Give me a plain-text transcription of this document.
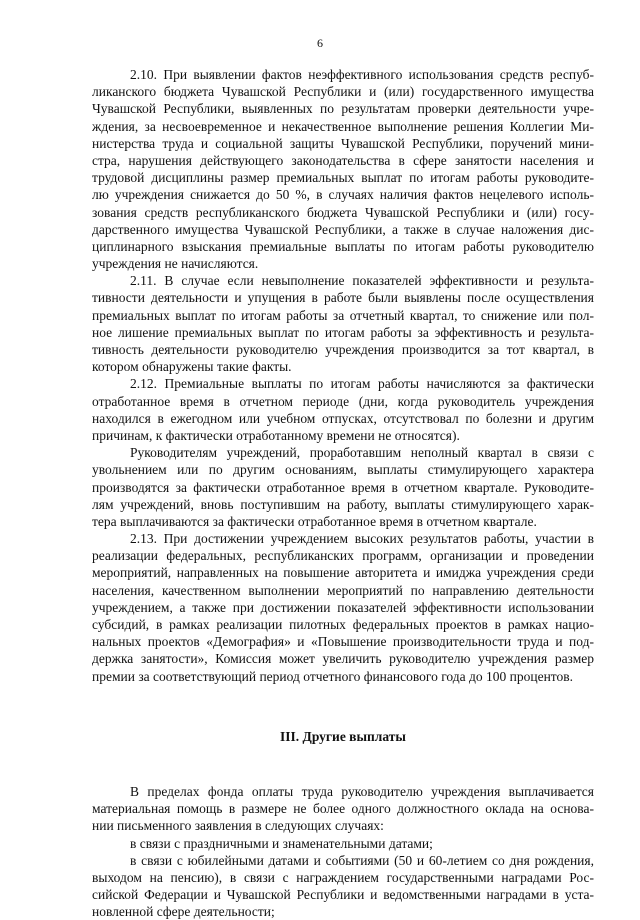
6
2.10. При выявлении фактов неэффективного использования средств респуб-
ликанского бюджета Чувашской Республики и (или) государственного имущества
Чувашской Республики, выявленных по результатам проверки деятельности учре-
ждения, за несвоевременное и некачественное выполнение решения Коллегии Ми-
нистерства труда и социальной защиты Чувашской Республики, поручений мини-
стра, нарушения действующего законодательства в сфере занятости населения и
трудовой дисциплины размер премиальных выплат по итогам работы руководите-
лю учреждения снижается до 50 %, в случаях наличия фактов нецелевого исполь-
зования средств республиканского бюджета Чувашской Республики и (или) госу-
дарственного имущества Чувашской Республики, а также в случае наложения дис-
циплинарного взыскания премиальные выплаты по итогам работы руководителю
учреждения не начисляются.
2.11. В случае если невыполнение показателей эффективности и результа-
тивности деятельности и упущения в работе были выявлены после осуществления
премиальных выплат по итогам работы за отчетный квартал, то снижение или пол-
ное лишение премиальных выплат по итогам работы за эффективность и результа-
тивность деятельности руководителю учреждения производится за тот квартал, в
котором обнаружены такие факты.
2.12. Премиальные выплаты по итогам работы начисляются за фактически
отработанное время в отчетном периоде (дни, когда руководитель учреждения
находился в ежегодном или учебном отпусках, отсутствовал по болезни и другим
причинам, к фактически отработанному времени не относятся).
Руководителям учреждений, проработавшим неполный квартал в связи с
увольнением или по другим основаниям, выплаты стимулирующего характера
производятся за фактически отработанное время в отчетном квартале. Руководите-
лям учреждений, вновь поступившим на работу, выплаты стимулирующего харак-
тера выплачиваются за фактически отработанное время в отчетном квартале.
2.13. При достижении учреждением высоких результатов работы, участии в
реализации федеральных, республиканских программ, организации и проведении
мероприятий, направленных на повышение авторитета и имиджа учреждения среди
населения, качественном выполнении мероприятий по направлению деятельности
учреждением, а также при достижении показателей эффективности использовании
субсидий, в рамках реализации пилотных федеральных проектов в рамках нацио-
нальных проектов «Демография» и «Повышение производительности труда и под-
держка занятости», Комиссия может увеличить руководителю учреждения размер
премии за соответствующий период отчетного финансового года до 100 процентов.
III. Другие выплаты
В пределах фонда оплаты труда руководителю учреждения выплачивается
материальная помощь в размере не более одного должностного оклада на основа-
нии письменного заявления в следующих случаях:
в связи с праздничными и знаменательными датами;
в связи с юбилейными датами и событиями (50 и 60-летием со дня рождения,
выходом на пенсию), в связи с награждением государственными наградами Рос-
сийской Федерации и Чувашской Республики и ведомственными наградами в уста-
новленной сфере деятельности;
